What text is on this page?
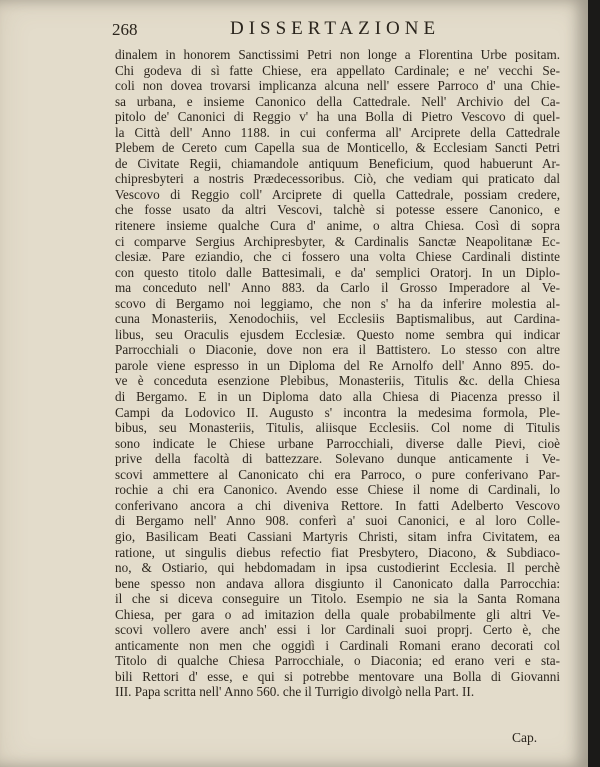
268	DISSERTAZIONE
dinalem in honorem Sanctissimi Petri non longe a Florentina Urbe positam.
Chi godeva di sì fatte Chiese, era appellato Cardinale; e ne' vecchi Se-
coli non dovea trovarsi implicanza alcuna nell' essere Parroco d' una Chie-
sa urbana, e insieme Canonico della Cattedrale. Nell' Archivio del Ca-
pitolo de' Canonici di Reggio v' ha una Bolla di Pietro Vescovo di quel-
la Città dell' Anno 1188. in cui conferma all' Arciprete della Cattedrale
Plebem de Cereto cum Capella sua de Monticello, & Ecclesiam Sancti Petri
de Civitate Regii, chiamandole antiquum Beneficium, quod habuerunt Ar-
chipresbyteri a nostris Prædecessoribus. Ciò, che vediam qui praticato dal
Vescovo di Reggio coll' Arciprete di quella Cattedrale, possiam credere,
che fosse usato da altri Vescovi, talchè si potesse essere Canonico, e
ritenere insieme qualche Cura d' anime, o altra Chiesa. Così di sopra
ci comparve Sergius Archipresbyter, & Cardinalis Sanctæ Neapolitanæ Ec-
clesiæ. Pare eziandio, che ci fossero una volta Chiese Cardinali distinte
con questo titolo dalle Battesimali, e da' semplici Oratorj. In un Diplo-
ma conceduto nell' Anno 883. da Carlo il Grosso Imperadore al Ve-
scovo di Bergamo noi leggiamo, che non s' ha da inferire molestia al-
cuna Monasteriis, Xenodochiis, vel Ecclesiis Baptismalibus, aut Cardina-
libus, seu Oraculis ejusdem Ecclesiæ. Questo nome sembra qui indicar
Parrocchiali o Diaconie, dove non era il Battistero. Lo stesso con altre
parole viene espresso in un Diploma del Re Arnolfo dell' Anno 895. do-
ve è conceduta esenzione Plebibus, Monasteriis, Titulis &c. della Chiesa
di Bergamo. E in un Diploma dato alla Chiesa di Piacenza presso il
Campi da Lodovico II. Augusto s' incontra la medesima formola, Ple-
bibus, seu Monasteriis, Titulis, aliisque Ecclesiis. Col nome di Titulis
sono indicate le Chiese urbane Parrocchiali, diverse dalle Pievi, cioè
prive della facoltà di battezzare. Solevano dunque anticamente i Ve-
scovi ammettere al Canonicato chi era Parroco, o pure conferivano Par-
rochie a chi era Canonico. Avendo esse Chiese il nome di Cardinali, lo
conferivano ancora a chi diveniva Rettore. In fatti Adelberto Vescovo
di Bergamo nell' Anno 908. conferì a' suoi Canonici, e al loro Colle-
gio, Basilicam Beati Cassiani Martyris Christi, sitam infra Civitatem, ea
ratione, ut singulis diebus refectio fiat Presbytero, Diacono, & Subdiaco-
no, & Ostiario, qui hebdomadam in ipsa custodierint Ecclesia. Il perchè
bene spesso non andava allora disgiunto il Canonicato dalla Parrocchia:
il che si diceva conseguire un Titolo. Esempio ne sia la Santa Romana
Chiesa, per gara o ad imitazion della quale probabilmente gli altri Ve-
scovi vollero avere anch' essi i lor Cardinali suoi proprj. Certo è, che
anticamente non men che oggidì i Cardinali Romani erano decorati col
Titolo di qualche Chiesa Parrocchiale, o Diaconia; ed erano veri e sta-
bili Rettori d' esse, e qui si potrebbe mentovare una Bolla di Giovanni
III. Papa scritta nell' Anno 560. che il Turrigio divolgò nella Part. II.
Cap.
